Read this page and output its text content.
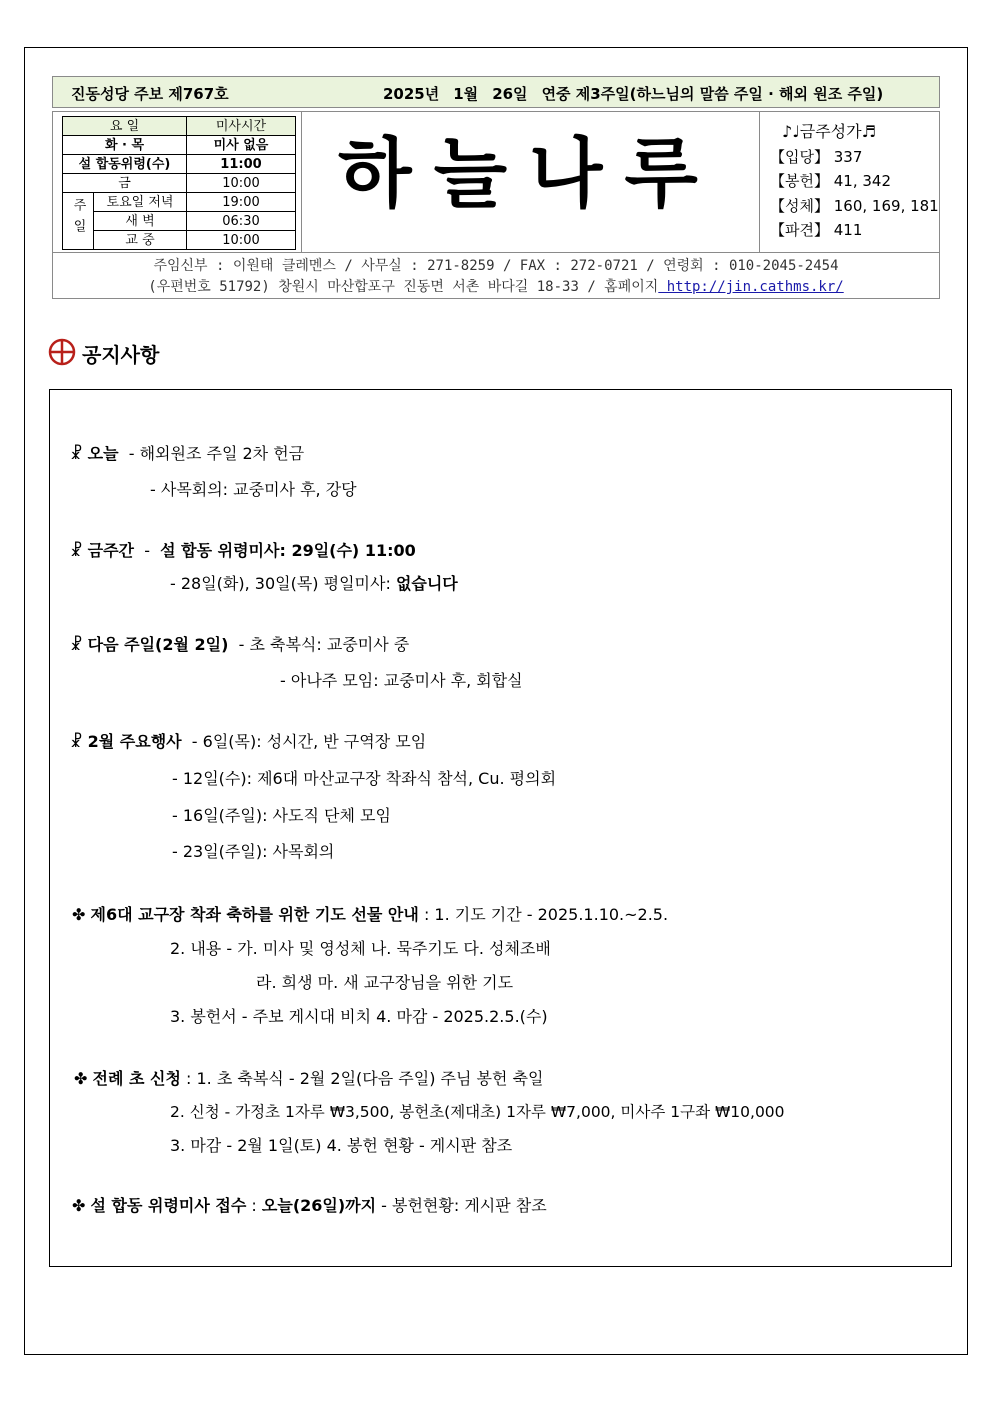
진동성당 주보 제767호	2025년 1월 26일 연중 제3주일(하느님의 말씀 주일 · 해외 원조 주일)
요 일		미사시간
화 · 목		미사 없음
설 합동위령(수)		11:00
금		10:00
주일	토요일 저녁	19:00
	새 벽	06:30
	교 중	10:00
하늘나루	♪♩금주성가♬
【입당】 337
【봉헌】 41, 342
【성체】 160, 169, 181
【파견】 411
주임신부 : 이원태 클레멘스 / 사무실 : 271-8259 / FAX : 272-0721 / 연령회 : 010-2045-2454
(우편번호 51792) 창원시 마산합포구 진동면 서촌 바다길 18-33 / 홈페이지 http://jin.cathms.kr/
공지사항
☧ 오늘 - 해외원조 주일 2차 헌금
- 사목회의: 교중미사 후, 강당
☧ 금주간  -  설 합동 위령미사: 29일(수) 11:00
- 28일(화), 30일(목) 평일미사: 없습니다
☧ 다음 주일(2월 2일) - 초 축복식: 교중미사 중
- 아나주 모임: 교중미사 후, 회합실
☧ 2월 주요행사 - 6일(목): 성시간, 반 구역장 모임
- 12일(수): 제6대 마산교구장 착좌식 참석, Cu. 평의회
- 16일(주일): 사도직 단체 모임
- 23일(주일): 사목회의
✤ 제6대 교구장 착좌 축하를 위한 기도 선물 안내 : 1. 기도 기간 - 2025.1.10.~2.5.
2. 내용 - 가. 미사 및 영성체 나. 묵주기도 다. 성체조배
라. 희생 마. 새 교구장님을 위한 기도
3. 봉헌서 - 주보 게시대 비치 4. 마감 - 2025.2.5.(수)
✤ 전례 초 신청 : 1. 초 축복식 - 2월 2일(다음 주일) 주님 봉헌 축일
2. 신청 - 가정초 1자루 ₩3,500, 봉헌초(제대초) 1자루 ₩7,000, 미사주 1구좌 ₩10,000
3. 마감 - 2월 1일(토) 4. 봉헌 현황 - 게시판 참조
✤ 설 합동 위령미사 접수 : 오늘(26일)까지 - 봉헌현황: 게시판 참조
